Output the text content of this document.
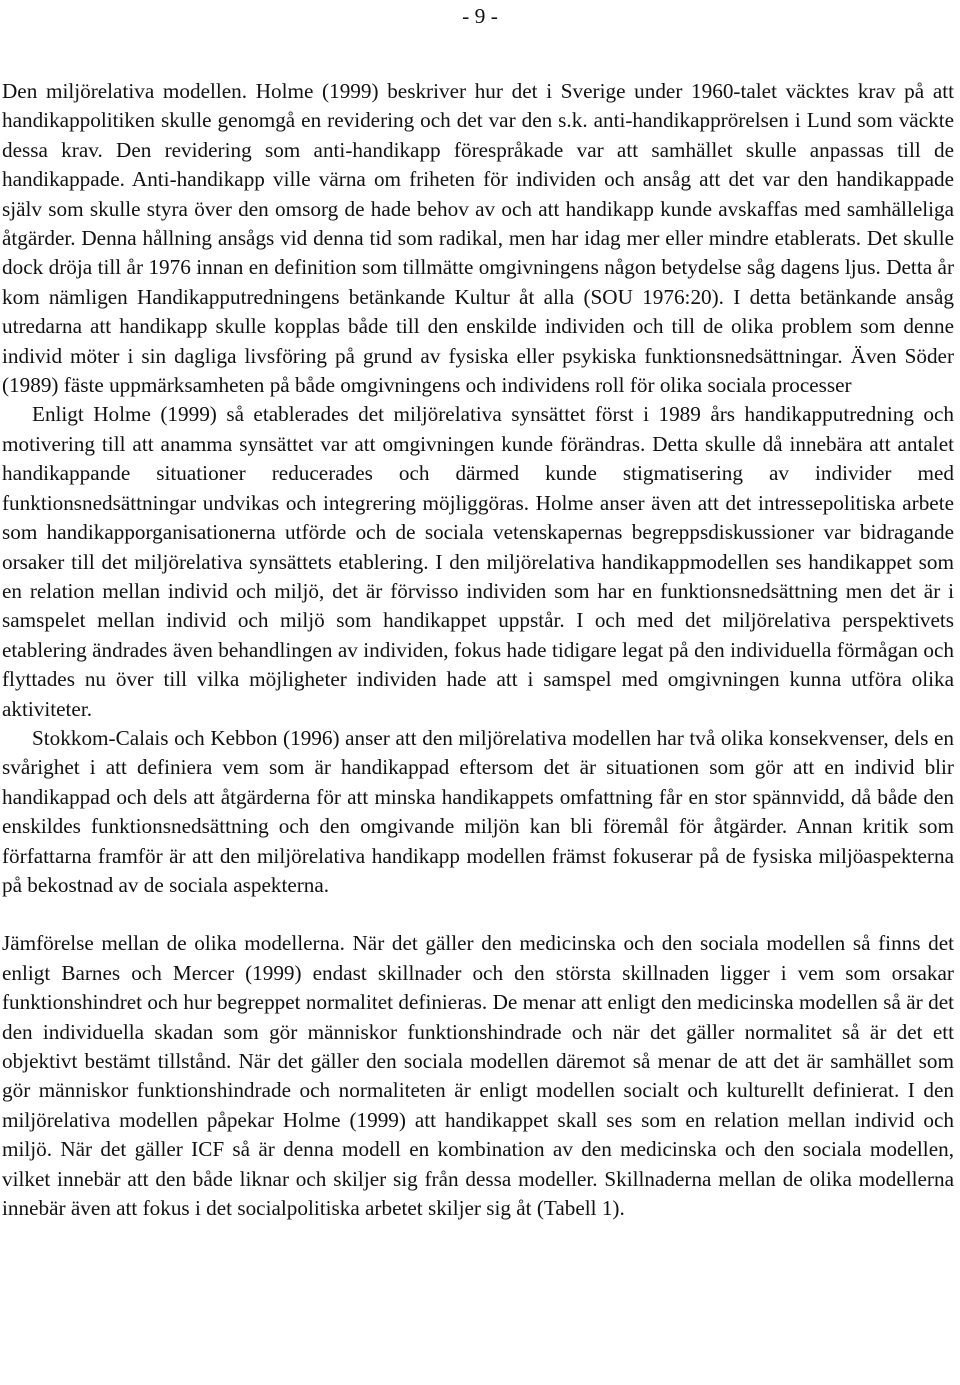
- 9 -

Den miljörelativa modellen. Holme (1999) beskriver hur det i Sverige under 1960-talet väcktes krav på att handikappolitiken skulle genomgå en revidering och det var den s.k. anti-handikapprörelsen i Lund som väckte dessa krav. Den revidering som anti-handikapp förespråkade var att samhället skulle anpassas till de handikappade. Anti-handikapp ville värna om friheten för individen och ansåg att det var den handikappade själv som skulle styra över den omsorg de hade behov av och att handikapp kunde avskaffas med samhälleliga åtgärder. Denna hållning ansågs vid denna tid som radikal, men har idag mer eller mindre etablerats. Det skulle dock dröja till år 1976 innan en definition som tillmätte omgivningens någon betydelse såg dagens ljus. Detta år kom nämligen Handikapputredningens betänkande Kultur åt alla (SOU 1976:20). I detta betänkande ansåg utredarna att handikapp skulle kopplas både till den enskilde individen och till de olika problem som denne individ möter i sin dagliga livsföring på grund av fysiska eller psykiska funktionsnedsättningar. Även Söder (1989) fäste uppmärksamheten på både omgivningens och individens roll för olika sociala processer

Enligt Holme (1999) så etablerades det miljörelativa synsättet först i 1989 års handikapputredning och motivering till att anamma synsättet var att omgivningen kunde förändras. Detta skulle då innebära att antalet handikappande situationer reducerades och därmed kunde stigmatisering av individer med funktionsnedsättningar undvikas och integrering möjliggöras. Holme anser även att det intressepolitiska arbete som handikapporganisationerna utförde och de sociala vetenskapernas begreppsdiskussioner var bidragande orsaker till det miljörelativa synsättets etablering. I den miljörelativa handikappmodellen ses handikappet som en relation mellan individ och miljö, det är förvisso individen som har en funktionsnedsättning men det är i samspelet mellan individ och miljö som handikappet uppstår. I och med det miljörelativa perspektivets etablering ändrades även behandlingen av individen, fokus hade tidigare legat på den individuella förmågan och flyttades nu över till vilka möjligheter individen hade att i samspel med omgivningen kunna utföra olika aktiviteter.

Stokkom-Calais och Kebbon (1996) anser att den miljörelativa modellen har två olika konsekvenser, dels en svårighet i att definiera vem som är handikappad eftersom det är situationen som gör att en individ blir handikappad och dels att åtgärderna för att minska handikappets omfattning får en stor spännvidd, då både den enskildes funktionsnedsättning och den omgivande miljön kan bli föremål för åtgärder. Annan kritik som författarna framför är att den miljörelativa handikapp modellen främst fokuserar på de fysiska miljöaspekterna på bekostnad av de sociala aspekterna.

Jämförelse mellan de olika modellerna. När det gäller den medicinska och den sociala modellen så finns det enligt Barnes och Mercer (1999) endast skillnader och den största skillnaden ligger i vem som orsakar funktionshindret och hur begreppet normalitet definieras. De menar att enligt den medicinska modellen så är det den individuella skadan som gör människor funktionshindrade och när det gäller normalitet så är det ett objektivt bestämt tillstånd. När det gäller den sociala modellen däremot så menar de att det är samhället som gör människor funktionshindrade och normaliteten är enligt modellen socialt och kulturellt definierat. I den miljörelativa modellen påpekar Holme (1999) att handikappet skall ses som en relation mellan individ och miljö. När det gäller ICF så är denna modell en kombination av den medicinska och den sociala modellen, vilket innebär att den både liknar och skiljer sig från dessa modeller. Skillnaderna mellan de olika modellerna innebär även att fokus i det socialpolitiska arbetet skiljer sig åt (Tabell 1).
